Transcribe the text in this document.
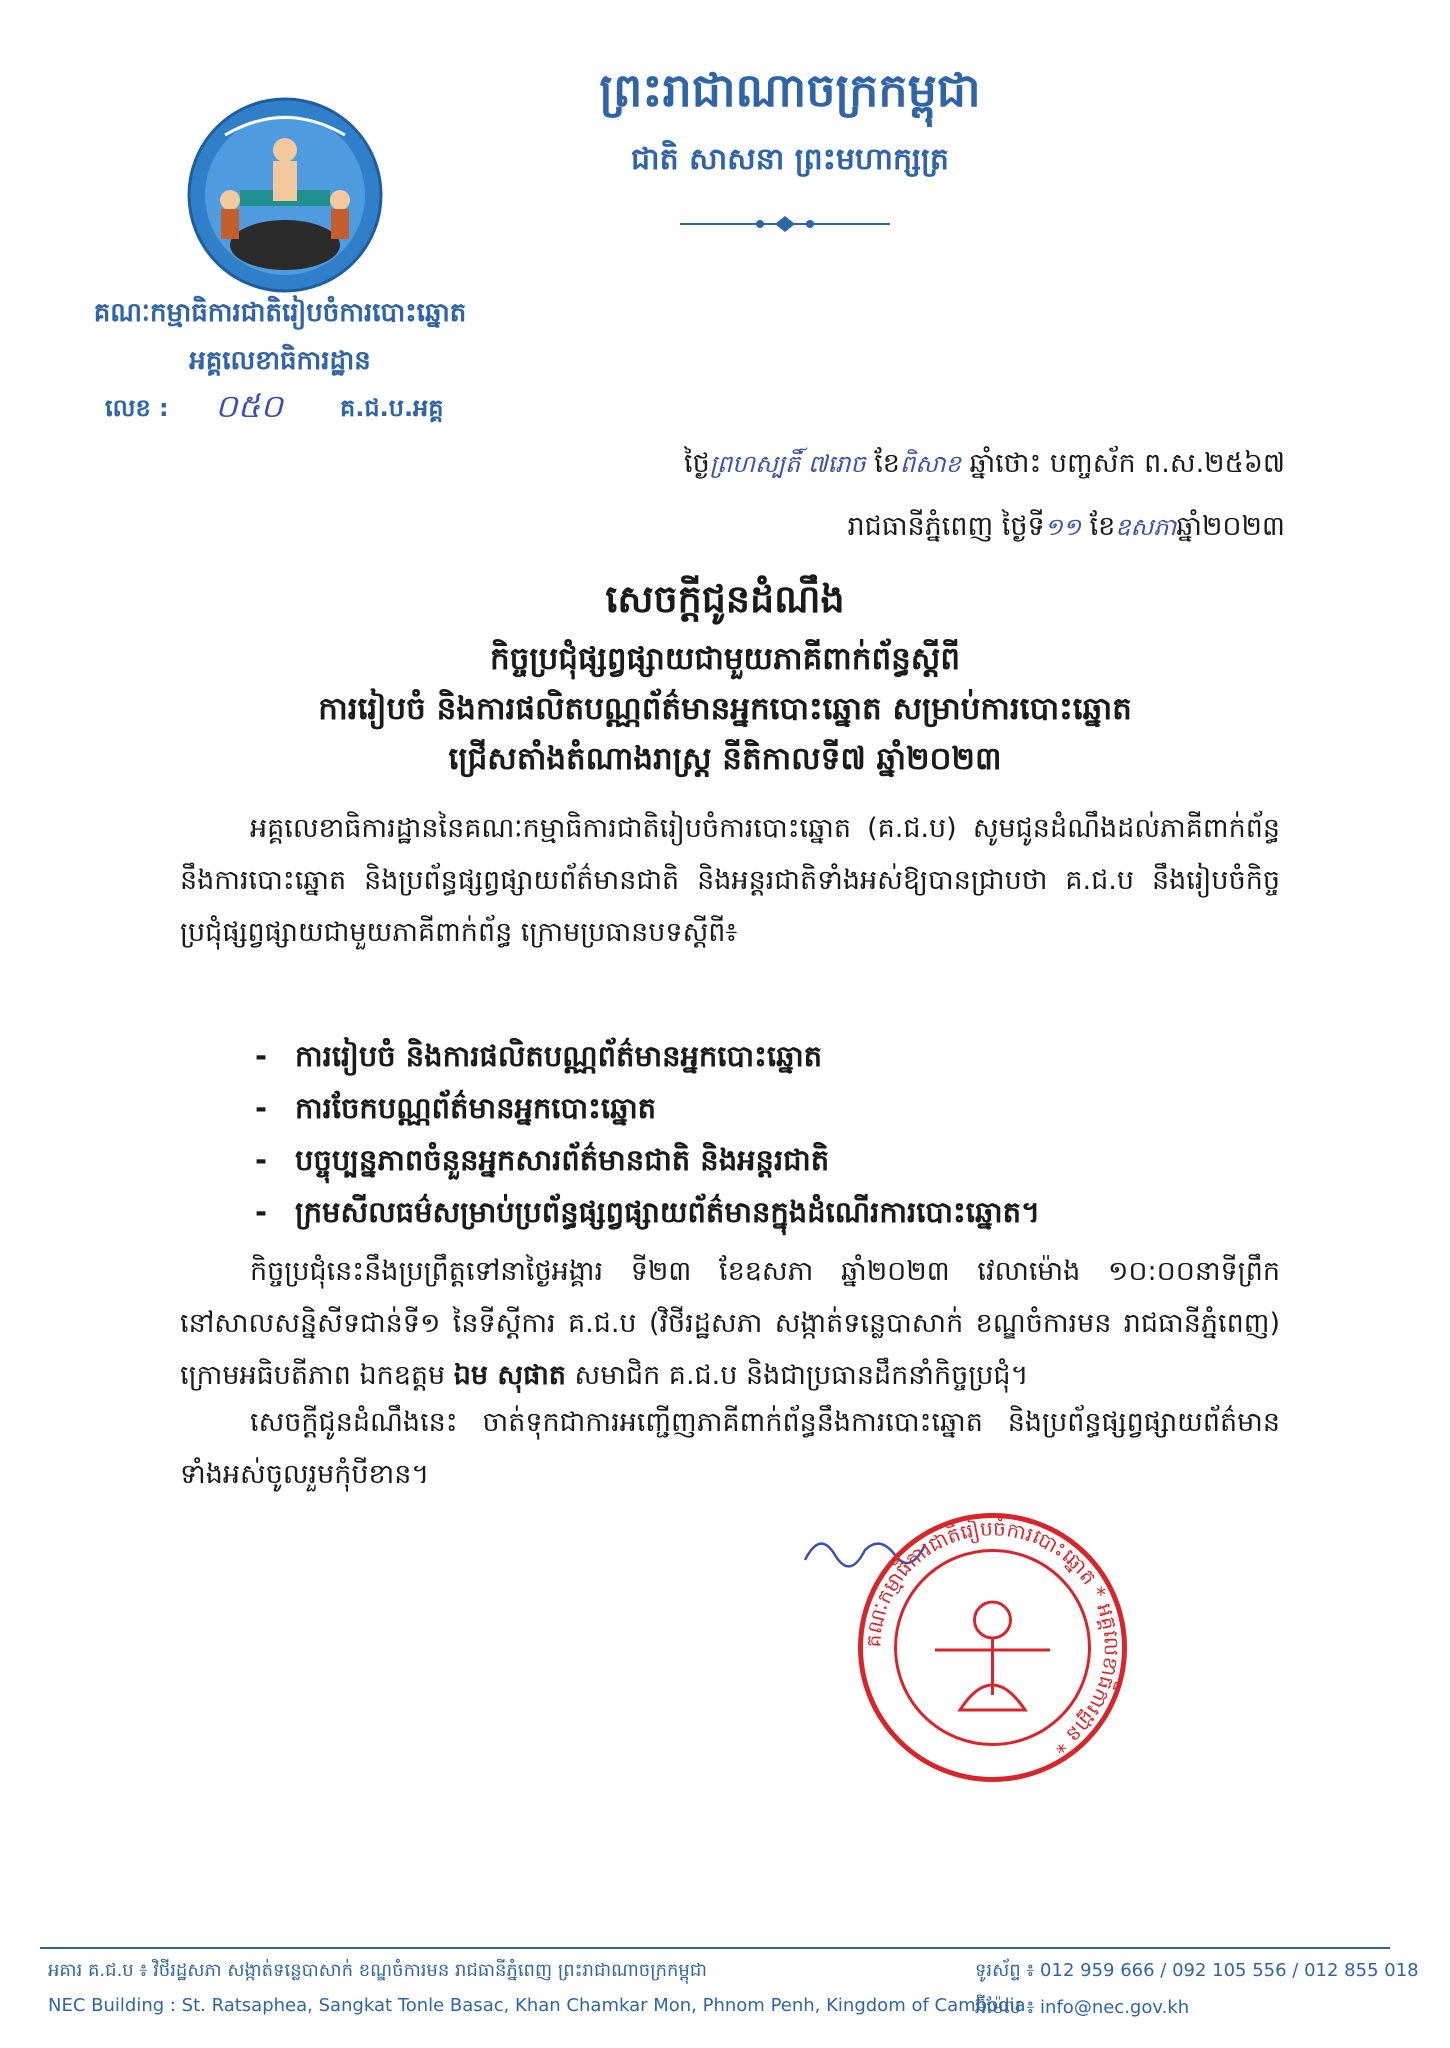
ព្រះរាជាណាចក្រកម្ពុជា
ជាតិ សាសនា ព្រះមហាក្សត្រ
គណៈកម្មាធិការជាតិរៀបចំការបោះឆ្នោត
អគ្គលេខាធិការដ្ឋាន
លេខ : ០៥០ គ.ជ.ប.អគ្គ
ថ្ងៃព្រហស្បតិ៍ ៧រោច ខែពិសាខ ឆ្នាំថោះ បញ្ចស័ក ព.ស.២៥៦៧
រាជធានីភ្នំពេញ ថ្ងៃទី១១ ខែឧសភាឆ្នាំ២០២៣
សេចក្តីជូនដំណឹង
កិច្ចប្រជុំផ្សព្វផ្សាយជាមួយភាគីពាក់ព័ន្ធស្តីពី
ការរៀបចំ និងការផលិតបណ្ណព័ត៌មានអ្នកបោះឆ្នោត សម្រាប់ការបោះឆ្នោត
ជ្រើសតាំងតំណាងរាស្ត្រ នីតិកាលទី៧ ឆ្នាំ២០២៣
អគ្គលេខាធិការដ្ឋាននៃគណៈកម្មាធិការជាតិរៀបចំការបោះឆ្នោត (គ.ជ.ប) សូមជូនដំណឹងដល់ភាគីពាក់ព័ន្ធនឹងការបោះឆ្នោត និងប្រព័ន្ធផ្សព្វផ្សាយព័ត៌មានជាតិ និងអន្តរជាតិទាំងអស់ឱ្យបានជ្រាបថា គ.ជ.ប នឹងរៀបចំកិច្ចប្រជុំផ្សព្វផ្សាយជាមួយភាគីពាក់ព័ន្ធ ក្រោមប្រធានបទស្តីពី៖
- ការរៀបចំ និងការផលិតបណ្ណព័ត៌មានអ្នកបោះឆ្នោត
- ការចែកបណ្ណព័ត៌មានអ្នកបោះឆ្នោត
- បច្ចុប្បន្នភាពចំនួនអ្នកសារព័ត៌មានជាតិ និងអន្តរជាតិ
- ក្រមសីលធម៌សម្រាប់ប្រព័ន្ធផ្សព្វផ្សាយព័ត៌មានក្នុងដំណើរការបោះឆ្នោត។
កិច្ចប្រជុំនេះនឹងប្រព្រឹត្តទៅនាថ្ងៃអង្គារ ទី២៣ ខែឧសភា ឆ្នាំ២០២៣ វេលាម៉ោង ១០:០០នាទីព្រឹក នៅសាលសន្និសីទជាន់ទី១ នៃទីស្តីការ គ.ជ.ប (វិថីរដ្ឋសភា សង្កាត់ទន្លេបាសាក់ ខណ្ឌចំការមន រាជធានីភ្នំពេញ) ក្រោមអធិបតីភាព ឯកឧត្តម ឯម សុផាត សមាជិក គ.ជ.ប និងជាប្រធានដឹកនាំកិច្ចប្រជុំ។
សេចក្តីជូនដំណឹងនេះ ចាត់ទុកជាការអញ្ជើញភាគីពាក់ព័ន្ធនឹងការបោះឆ្នោត និងប្រព័ន្ធផ្សព្វផ្សាយព័ត៌មានទាំងអស់ចូលរួមកុំបីខាន។
គណៈកម្មាធិការជាតិរៀបចំការបោះឆ្នោត * អគ្គលេខាធិការដ្ឋាន *
អគារ គ.ជ.ប ៖ វិថីរដ្ឋសភា សង្កាត់ទន្លេបាសាក់ ខណ្ឌចំការមន រាជធានីភ្នំពេញ ព្រះរាជាណាចក្រកម្ពុជា
NEC Building : St. Ratsaphea, Sangkat Tonle Basac, Khan Chamkar Mon, Phnom Penh, Kingdom of Cambodia
ទូរស័ព្ទ ៖ 012 959 666 / 092 105 556 / 012 855 018
អ៊ីម៉ែល ៖ info@nec.gov.kh
